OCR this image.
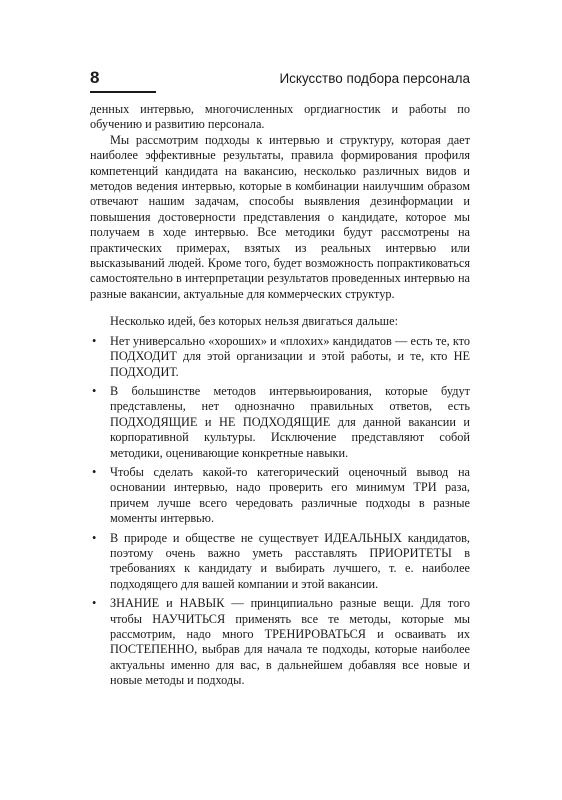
8	Искусство подбора персонала

денных интервью, многочисленных оргдиагностик и работы по обучению и развитию персонала.

Мы рассмотрим подходы к интервью и структуру, которая дает наиболее эффективные результаты, правила формирования профиля компетенций кандидата на вакансию, несколько различных видов и методов ведения интервью, которые в комбинации наилучшим образом отвечают нашим задачам, способы выявления дезинформации и повышения достоверности представления о кандидате, которое мы получаем в ходе интервью. Все методики будут рассмотрены на практических примерах, взятых из реальных интервью или высказываний людей. Кроме того, будет возможность попрактиковаться самостоятельно в интерпретации результатов проведенных интервью на разные вакансии, актуальные для коммерческих структур.

Несколько идей, без которых нельзя двигаться дальше:

• Нет универсально «хороших» и «плохих» кандидатов — есть те, кто ПОДХОДИТ для этой организации и этой работы, и те, кто НЕ ПОДХОДИТ.
• В большинстве методов интервьюирования, которые будут представлены, нет однозначно правильных ответов, есть ПОДХОДЯЩИЕ и НЕ ПОДХОДЯЩИЕ для данной вакансии и корпоративной культуры. Исключение представляют собой методики, оценивающие конкретные навыки.
• Чтобы сделать какой-то категорический оценочный вывод на основании интервью, надо проверить его минимум ТРИ раза, причем лучше всего чередовать различные подходы в разные моменты интервью.
• В природе и обществе не существует ИДЕАЛЬНЫХ кандидатов, поэтому очень важно уметь расставлять ПРИОРИТЕТЫ в требованиях к кандидату и выбирать лучшего, т. е. наиболее подходящего для вашей компании и этой вакансии.
• ЗНАНИЕ и НАВЫК — принципиально разные вещи. Для того чтобы НАУЧИТЬСЯ применять все те методы, которые мы рассмотрим, надо много ТРЕНИРОВАТЬСЯ и осваивать их ПОСТЕПЕННО, выбрав для начала те подходы, которые наиболее актуальны именно для вас, в дальнейшем добавляя все новые и новые методы и подходы.
